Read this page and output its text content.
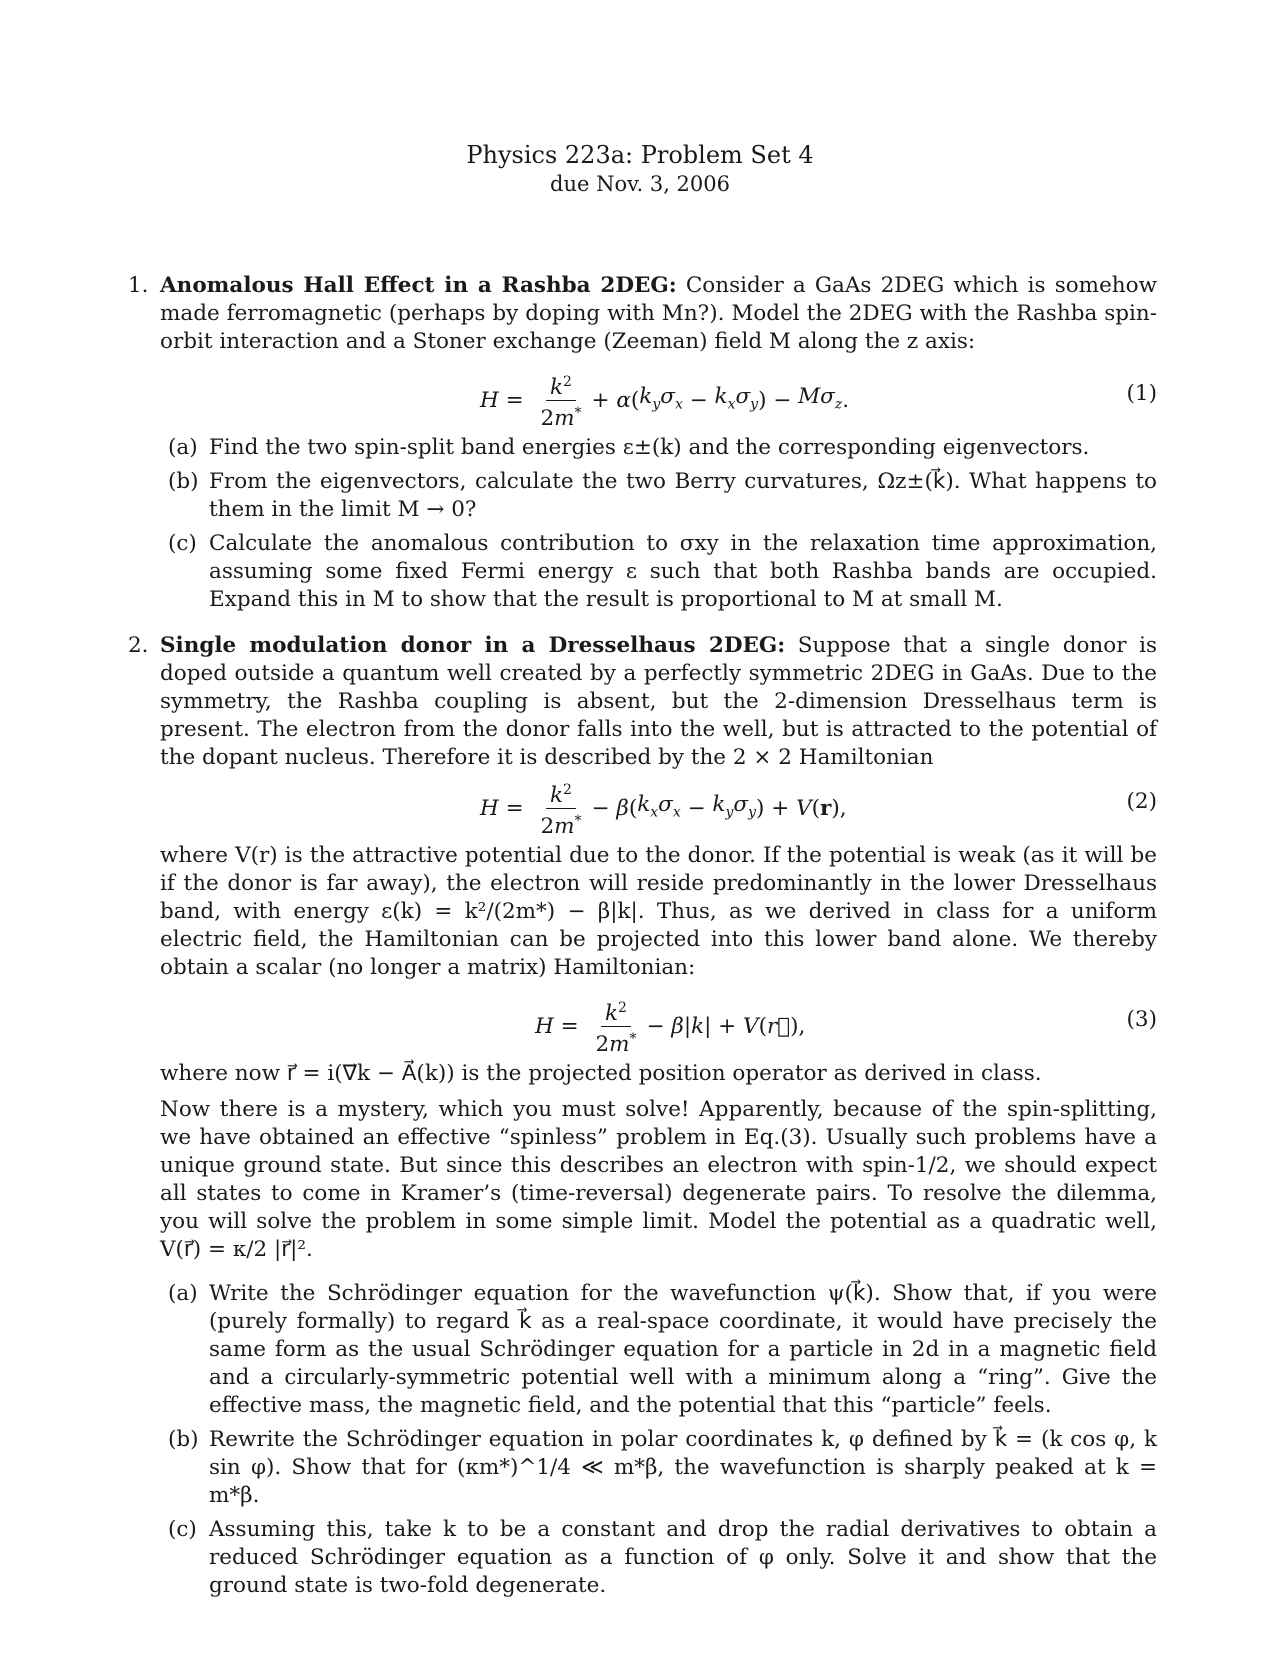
Physics 223a: Problem Set 4
due Nov. 3, 2006
1. Anomalous Hall Effect in a Rashba 2DEG: Consider a GaAs 2DEG which is somehow made ferromagnetic (perhaps by doping with Mn?). Model the 2DEG with the Rashba spin-orbit interaction and a Stoner exchange (Zeeman) field M along the z axis:

$H = \frac{k^2}{2m^*} + \alpha$ ( $k_y\sigma_x - k_x\sigma_y$ ) − $M\sigma_z$ .	(1)
(a) Find the two spin-split band energies ε±(k) and the corresponding eigenvectors.
(b) From the eigenvectors, calculate the two Berry curvatures, Ωz±(k⃗). What happens to them in the limit M → 0?
(c) Calculate the anomalous contribution to σxy in the relaxation time approximation, assuming some fixed Fermi energy ε such that both Rashba bands are occupied. Expand this in M to show that the result is proportional to M at small M.
2. Single modulation donor in a Dresselhaus 2DEG: Suppose that a single donor is doped outside a quantum well created by a perfectly symmetric 2DEG in GaAs. Due to the symmetry, the Rashba coupling is absent, but the 2-dimension Dresselhaus term is present. The electron from the donor falls into the well, but is attracted to the potential of the dopant nucleus. Therefore it is described by the 2 × 2 Hamiltonian

$H = \frac{k^2}{2m^*} - \beta$ ( $k_x\sigma_x - k_y\sigma_y$ ) + V ( r ),	(2)

where V(r) is the attractive potential due to the donor. If the potential is weak (as it will be if the donor is far away), the electron will reside predominantly in the lower Dresselhaus band, with energy ε(k) = k²/(2m*) − β|k|. Thus, as we derived in class for a uniform electric field, the Hamiltonian can be projected into this lower band alone. We thereby obtain a scalar (no longer a matrix) Hamiltonian:

$H = \frac{k^2}{2m^*} - \beta$ | k | + V ( r⃗ ),	(3)

where now r⃗ = i(∇⃗k − A⃗(k)) is the projected position operator as derived in class.

Now there is a mystery, which you must solve! Apparently, because of the spin-splitting, we have obtained an effective “spinless” problem in Eq.(3). Usually such problems have a unique ground state. But since this describes an electron with spin-1/2, we should expect all states to come in Kramer’s (time-reversal) degenerate pairs. To resolve the dilemma, you will solve the problem in some simple limit. Model the potential as a quadratic well, V(r⃗) = κ/2 |r⃗|².

(a) Write the Schrödinger equation for the wavefunction ψ(k⃗). Show that, if you were (purely formally) to regard k⃗ as a real-space coordinate, it would have precisely the same form as the usual Schrödinger equation for a particle in 2d in a magnetic field and a circularly-symmetric potential well with a minimum along a “ring”. Give the effective mass, the magnetic field, and the potential that this “particle” feels.
(b) Rewrite the Schrödinger equation in polar coordinates k, φ defined by k⃗ = (k cos φ, k sin φ). Show that for (κm*)^1/4 ≪ m*β, the wavefunction is sharply peaked at k = m*β.
(c) Assuming this, take k to be a constant and drop the radial derivatives to obtain a reduced Schrödinger equation as a function of φ only. Solve it and show that the ground state is two-fold degenerate.
